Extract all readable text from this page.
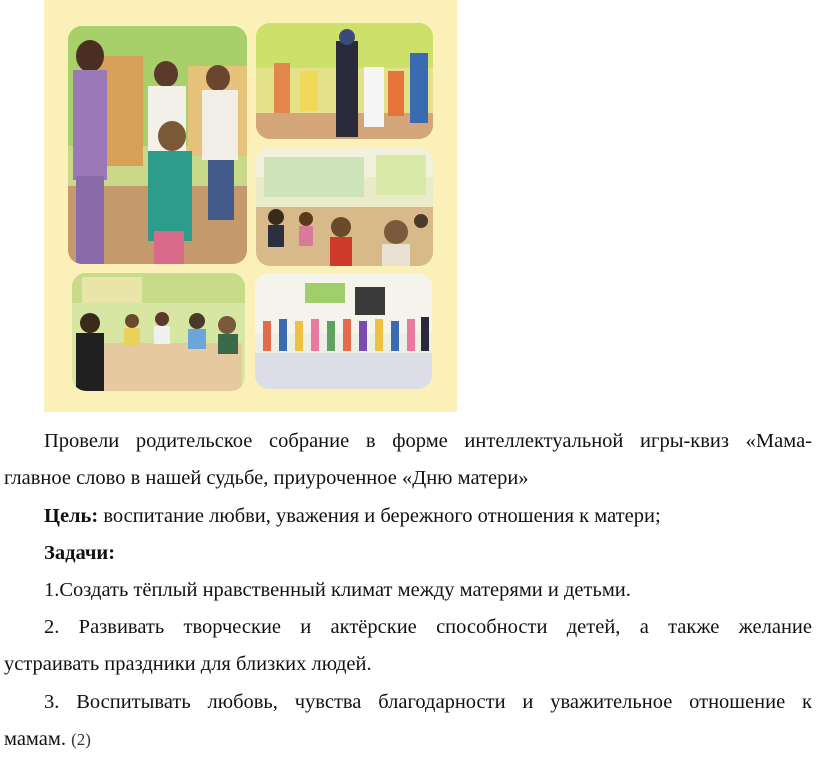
Провели родительское собрание в форме интеллектуальной игры-квиз «Мама-
главное слово в нашей судьбе, приуроченное «Дню матери»
Цель: воспитание любви, уважения и бережного отношения к матери;
Задачи:
1.Создать тёплый нравственный климат между матерями и детьми.
2. Развивать творческие и актёрские способности детей, а также желание
устраивать праздники для близких людей.
3. Воспитывать любовь, чувства благодарности и уважительное отношение к
мамам. (2)
